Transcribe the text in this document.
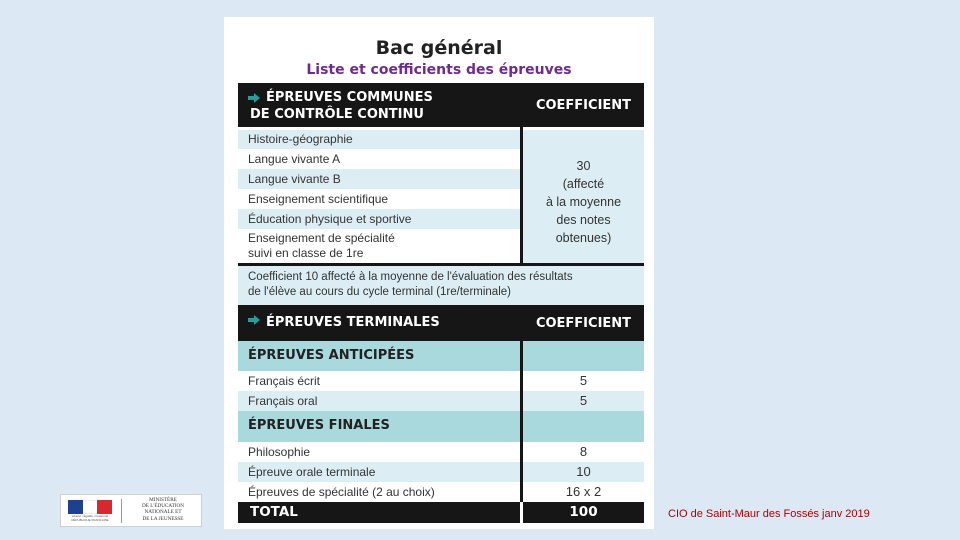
Bac général
Liste et coefficients des épreuves
ÉPREUVES COMMUNES
DE CONTRÔLE CONTINU
COEFFICIENT
Histoire-géographie
Langue vivante A
Langue vivante B
Enseignement scientifique
Éducation physique et sportive
Enseignement de spécialité
suivi en classe de 1re
30
(affecté
à la moyenne
des notes
obtenues)
Coefficient 10 affecté à la moyenne de l'évaluation des résultats
de l'élève au cours du cycle terminal (1re/terminale)
ÉPREUVES TERMINALES	COEFFICIENT
ÉPREUVES ANTICIPÉES
Français écrit	5
Français oral	5
ÉPREUVES FINALES
Philosophie	8
Épreuve orale terminale	10
Épreuves de spécialité (2 au choix)	16 x 2
TOTAL	100
Liberté • Égalité • Fraternité RÉPUBLIQUE FRANÇAISE
MINISTÈRE
DE L'ÉDUCATION
NATIONALE ET
DE LA JEUNESSE	CIO de Saint-Maur des Fossés janv 2019
